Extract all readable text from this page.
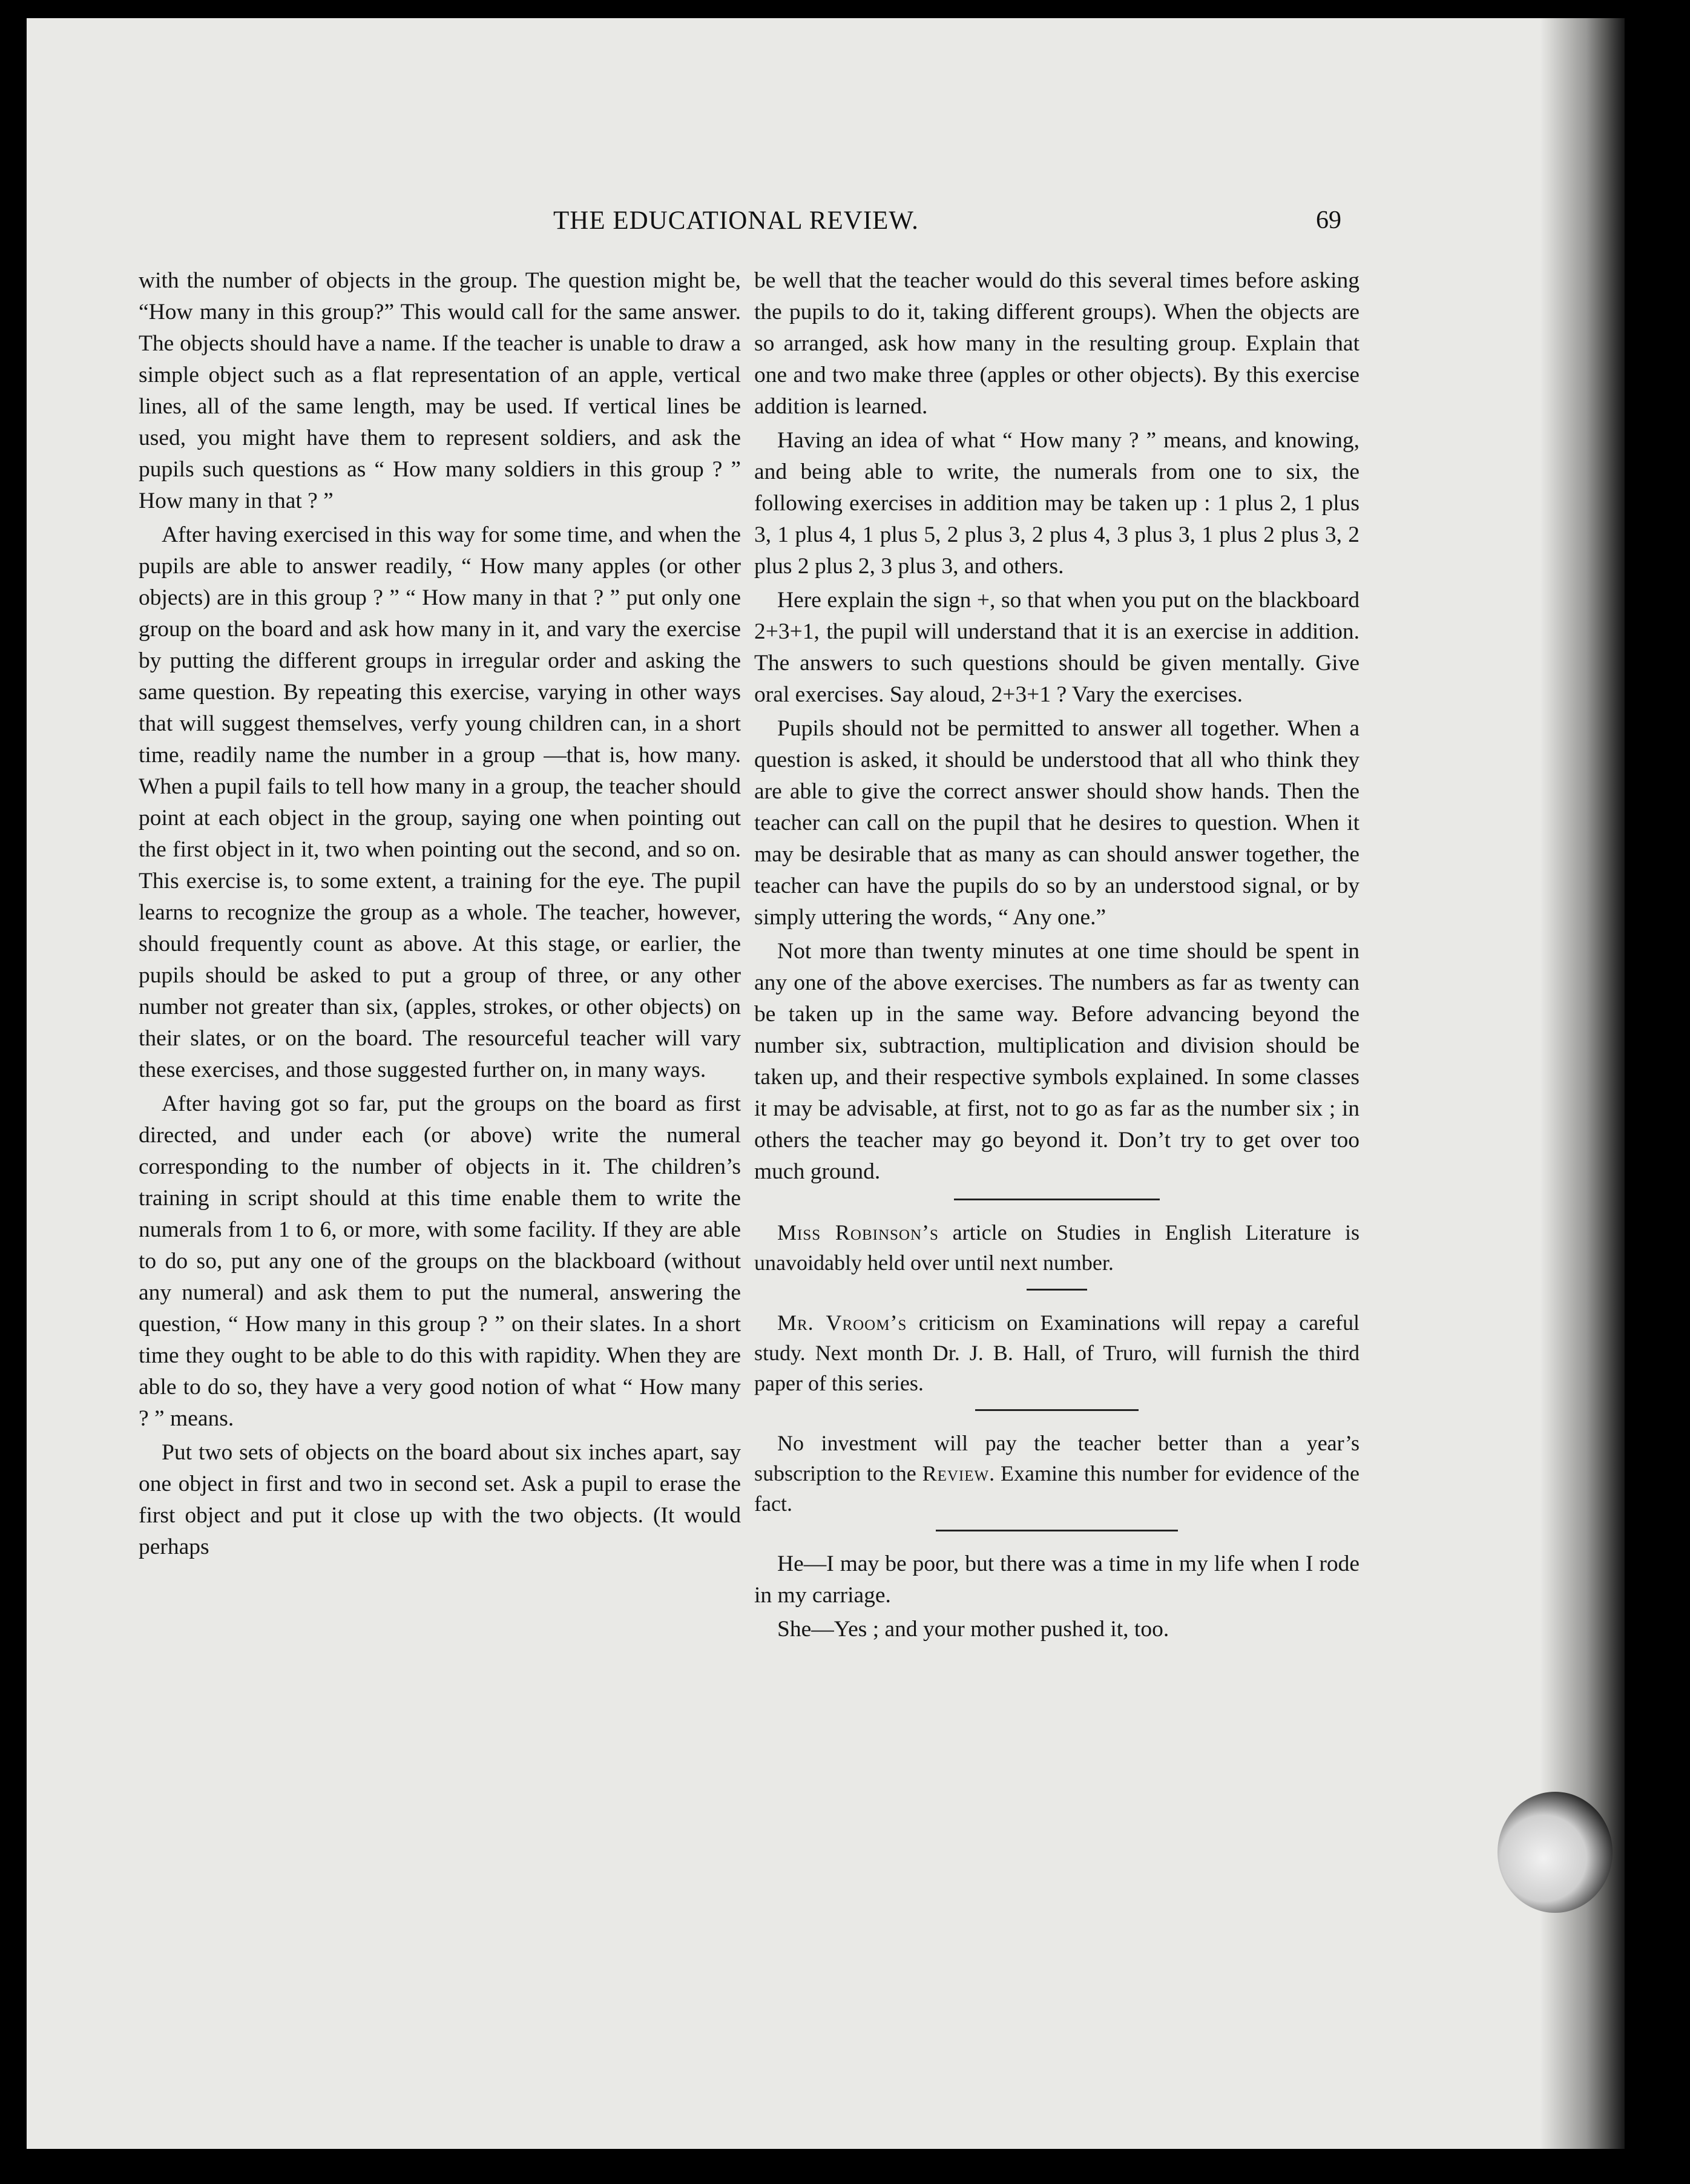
THE EDUCATIONAL REVIEW.	69

with the number of objects in the group. The question might be, “How many in this group?” This would call for the same answer. The objects should have a name. If the teacher is unable to draw a simple object such as a flat representation of an apple, vertical lines, all of the same length, may be used. If vertical lines be used, you might have them to represent soldiers, and ask the pupils such questions as “ How many soldiers in this group ? ” How many in that ? ”

After having exercised in this way for some time, and when the pupils are able to answer readily, “ How many apples (or other objects) are in this group ? ” “ How many in that ? ” put only one group on the board and ask how many in it, and vary the exercise by putting the different groups in irregular order and asking the same question. By repeating this exercise, varying in other ways that will suggest themselves, verfy young children can, in a short time, readily name the number in a group —that is, how many. When a pupil fails to tell how many in a group, the teacher should point at each object in the group, saying one when pointing out the first object in it, two when pointing out the second, and so on. This exercise is, to some extent, a training for the eye. The pupil learns to recognize the group as a whole. The teacher, however, should frequently count as above. At this stage, or earlier, the pupils should be asked to put a group of three, or any other number not greater than six, (apples, strokes, or other objects) on their slates, or on the board. The resourceful teacher will vary these exercises, and those suggested further on, in many ways.

After having got so far, put the groups on the board as first directed, and under each (or above) write the numeral corresponding to the number of objects in it. The children’s training in script should at this time enable them to write the numerals from 1 to 6, or more, with some facility. If they are able to do so, put any one of the groups on the blackboard (without any numeral) and ask them to put the numeral, answering the question, “ How many in this group ? ” on their slates. In a short time they ought to be able to do this with rapidity. When they are able to do so, they have a very good notion of what “ How many ? ” means.

Put two sets of objects on the board about six inches apart, say one object in first and two in second set. Ask a pupil to erase the first object and put it close up with the two objects. (It would perhaps

be well that the teacher would do this several times before asking the pupils to do it, taking different groups). When the objects are so arranged, ask how many in the resulting group. Explain that one and two make three (apples or other objects). By this exercise addition is learned.

Having an idea of what “ How many ? ” means, and knowing, and being able to write, the numerals from one to six, the following exercises in addition may be taken up : 1 plus 2, 1 plus 3, 1 plus 4, 1 plus 5, 2 plus 3, 2 plus 4, 3 plus 3, 1 plus 2 plus 3, 2 plus 2 plus 2, 3 plus 3, and others.

Here explain the sign +, so that when you put on the blackboard 2+3+1, the pupil will understand that it is an exercise in addition. The answers to such questions should be given mentally. Give oral exercises. Say aloud, 2+3+1 ? Vary the exercises.

Pupils should not be permitted to answer all together. When a question is asked, it should be understood that all who think they are able to give the correct answer should show hands. Then the teacher can call on the pupil that he desires to question. When it may be desirable that as many as can should answer together, the teacher can have the pupils do so by an understood signal, or by simply uttering the words, “ Any one.”

Not more than twenty minutes at one time should be spent in any one of the above exercises. The numbers as far as twenty can be taken up in the same way. Before advancing beyond the number six, subtraction, multiplication and division should be taken up, and their respective symbols explained. In some classes it may be advisable, at first, not to go as far as the number six ; in others the teacher may go beyond it. Don’t try to get over too much ground.

Miss Robinson’s article on Studies in English Literature is unavoidably held over until next number.

Mr. Vroom’s criticism on Examinations will repay a careful study. Next month Dr. J. B. Hall, of Truro, will furnish the third paper of this series.

No investment will pay the teacher better than a year’s subscription to the Review. Examine this number for evidence of the fact.

He—I may be poor, but there was a time in my life when I rode in my carriage.

She—Yes ; and your mother pushed it, too.
